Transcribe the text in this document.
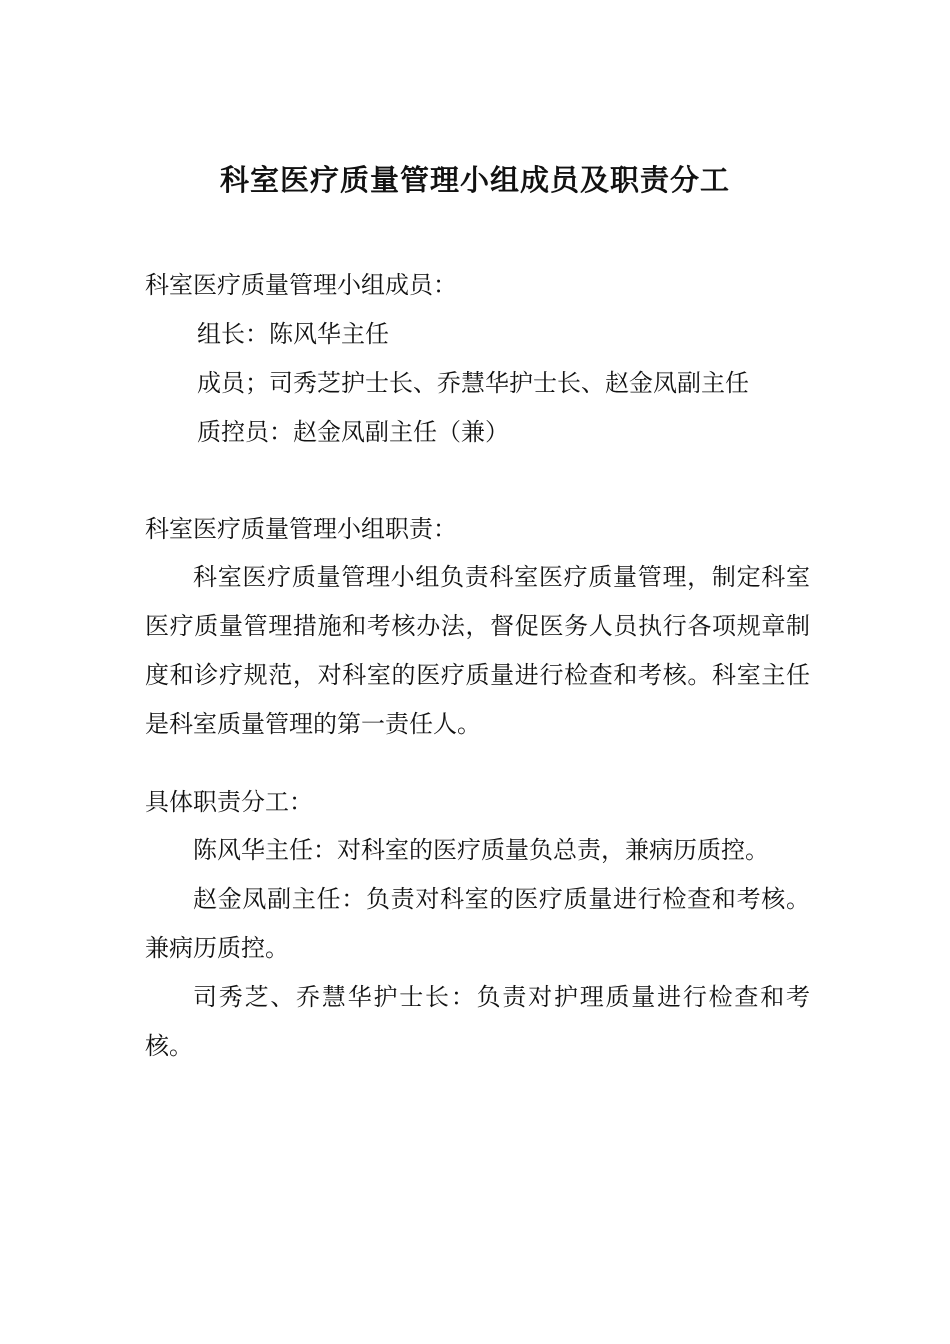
科室医疗质量管理小组成员及职责分工
科室医疗质量管理小组成员：
组长：陈风华主任
成员；司秀芝护士长、乔慧华护士长、赵金凤副主任
质控员：赵金凤副主任（兼）
科室医疗质量管理小组职责：
科室医疗质量管理小组负责科室医疗质量管理，制定科室医疗质量管理措施和考核办法，督促医务人员执行各项规章制度和诊疗规范，对科室的医疗质量进行检查和考核。科室主任是科室质量管理的第一责任人。
具体职责分工：
陈风华主任：对科室的医疗质量负总责，兼病历质控。
赵金凤副主任：负责对科室的医疗质量进行检查和考核。兼病历质控。
司秀芝、乔慧华护士长：负责对护理质量进行检查和考核。
